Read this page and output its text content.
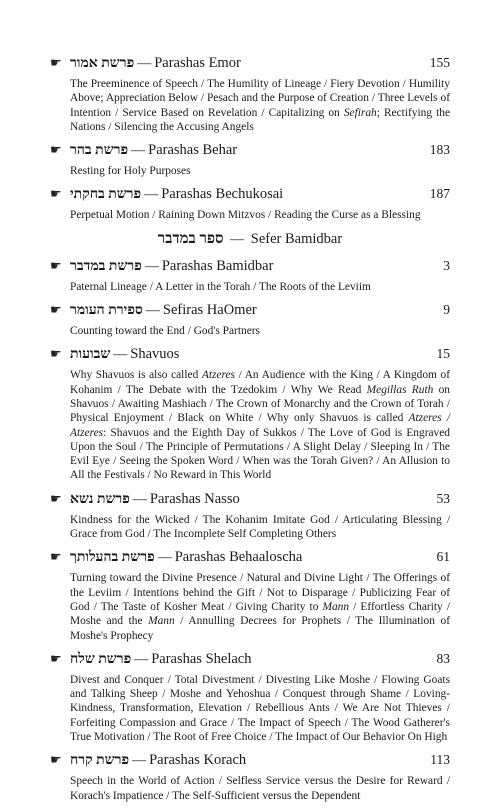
☛ פרשת אמור — Parashas Emor	155
The Preeminence of Speech / The Humility of Lineage / Fiery Devotion / Humility Above; Appreciation Below / Pesach and the Purpose of Creation / Three Levels of Intention / Service Based on Revelation / Capitalizing on Sefirah; Rectifying the Nations / Silencing the Accusing Angels
☛ פרשת בהר — Parashas Behar	183
Resting for Holy Purposes
☛ פרשת בחקתי — Parashas Bechukosai	187
Perpetual Motion / Raining Down Mitzvos / Reading the Curse as a Blessing
ספר במדבר — Sefer Bamidbar
☛ פרשת במדבר — Parashas Bamidbar	3
Paternal Lineage / A Letter in the Torah / The Roots of the Leviim
☛ ספירת העומר — Sefiras HaOmer	9
Counting toward the End / God's Partners
☛ שבועות — Shavuos	15
Why Shavuos is also called Atzeres / An Audience with the King / A Kingdom of Kohanim / The Debate with the Tzedokim / Why We Read Megillas Ruth on Shavuos / Awaiting Mashiach / The Crown of Monarchy and the Crown of Torah / Physical Enjoyment / Black on White / Why only Shavuos is called Atzeres / Atzeres: Shavuos and the Eighth Day of Sukkos / The Love of God is Engraved Upon the Soul / The Principle of Permutations / A Slight Delay / Sleeping In / The Evil Eye / Seeing the Spoken Word / When was the Torah Given? / An Allusion to All the Festivals / No Reward in This World
☛ פרשת נשא — Parashas Nasso	53
Kindness for the Wicked / The Kohanim Imitate God / Articulating Blessing / Grace from God / The Incomplete Self Completing Others
☛ פרשת בהעלותך — Parashas Behaaloscha	61
Turning toward the Divine Presence / Natural and Divine Light / The Offerings of the Leviim / Intentions behind the Gift / Not to Disparage / Publicizing Fear of God / The Taste of Kosher Meat / Giving Charity to Mann / Effortless Charity / Moshe and the Mann / Annulling Decrees for Prophets / The Illumination of Moshe's Prophecy
☛ פרשת שלח — Parashas Shelach	83
Divest and Conquer / Total Divestment / Divesting Like Moshe / Flowing Goats and Talking Sheep / Moshe and Yehoshua / Conquest through Shame / Loving-Kindness, Transformation, Elevation / Rebellious Ants / We Are Not Thieves / Forfeiting Compassion and Grace / The Impact of Speech / The Wood Gatherer's True Motivation / The Root of Free Choice / The Impact of Our Behavior On High
☛ פרשת קרח — Parashas Korach	113
Speech in the World of Action / Selfless Service versus the Desire for Reward / Korach's Impatience / The Self-Sufficient versus the Dependent
